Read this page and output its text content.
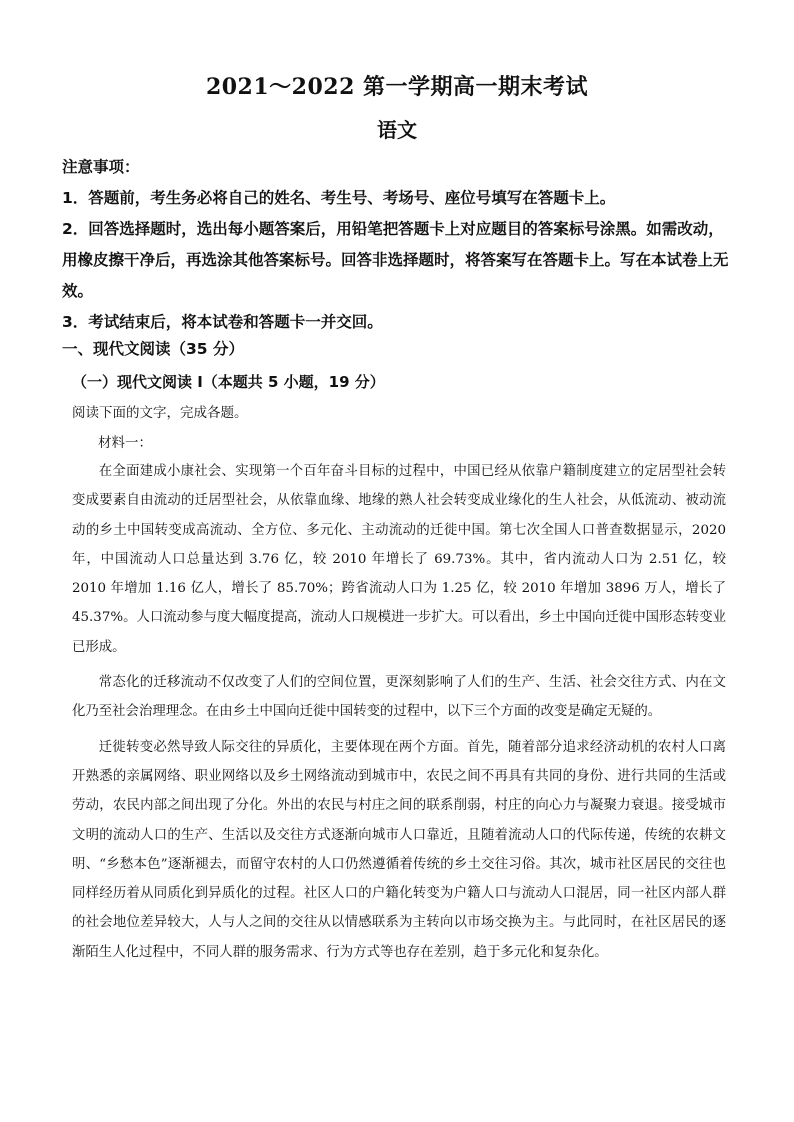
2021～2022 第一学期高一期末考试
语文

注意事项：

1．答题前，考生务必将自己的姓名、考生号、考场号、座位号填写在答题卡上。

2．回答选择题时，选出每小题答案后，用铅笔把答题卡上对应题目的答案标号涂黑。如需改动，用橡皮擦干净后，再选涂其他答案标号。回答非选择题时，将答案写在答题卡上。写在本试卷上无效。

3．考试结束后，将本试卷和答题卡一并交回。

一、现代文阅读（35 分）
（一）现代文阅读 I（本题共 5 小题，19 分）
阅读下面的文字，完成各题。
材料一：

在全面建成小康社会、实现第一个百年奋斗目标的过程中，中国已经从依靠户籍制度建立的定居型社会转变成要素自由流动的迁居型社会，从依靠血缘、地缘的熟人社会转变成业缘化的生人社会，从低流动、被动流动的乡土中国转变成高流动、全方位、多元化、主动流动的迁徙中国。第七次全国人口普查数据显示，2020 年，中国流动人口总量达到 3.76 亿，较 2010 年增长了 69.73%。其中，省内流动人口为 2.51 亿，较 2010 年增加 1.16 亿人，增长了 85.70%；跨省流动人口为 1.25 亿，较 2010 年增加 3896 万人，增长了 45.37%。人口流动参与度大幅度提高，流动人口规模进一步扩大。可以看出，乡土中国向迁徙中国形态转变业已形成。

常态化的迁移流动不仅改变了人们的空间位置，更深刻影响了人们的生产、生活、社会交往方式、内在文化乃至社会治理理念。在由乡土中国向迁徙中国转变的过程中，以下三个方面的改变是确定无疑的。

迁徙转变必然导致人际交往的异质化，主要体现在两个方面。首先，随着部分追求经济动机的农村人口离开熟悉的亲属网络、职业网络以及乡土网络流动到城市中，农民之间不再具有共同的身份、进行共同的生活或劳动，农民内部之间出现了分化。外出的农民与村庄之间的联系削弱，村庄的向心力与凝聚力衰退。接受城市文明的流动人口的生产、生活以及交往方式逐渐向城市人口靠近，且随着流动人口的代际传递，传统的农耕文明、“乡愁本色”逐渐褪去，而留守农村的人口仍然遵循着传统的乡土交往习俗。其次，城市社区居民的交往也同样经历着从同质化到异质化的过程。社区人口的户籍化转变为户籍人口与流动人口混居，同一社区内部人群的社会地位差异较大，人与人之间的交往从以情感联系为主转向以市场交换为主。与此同时，在社区居民的逐渐陌生人化过程中，不同人群的服务需求、行为方式等也存在差别，趋于多元化和复杂化。
